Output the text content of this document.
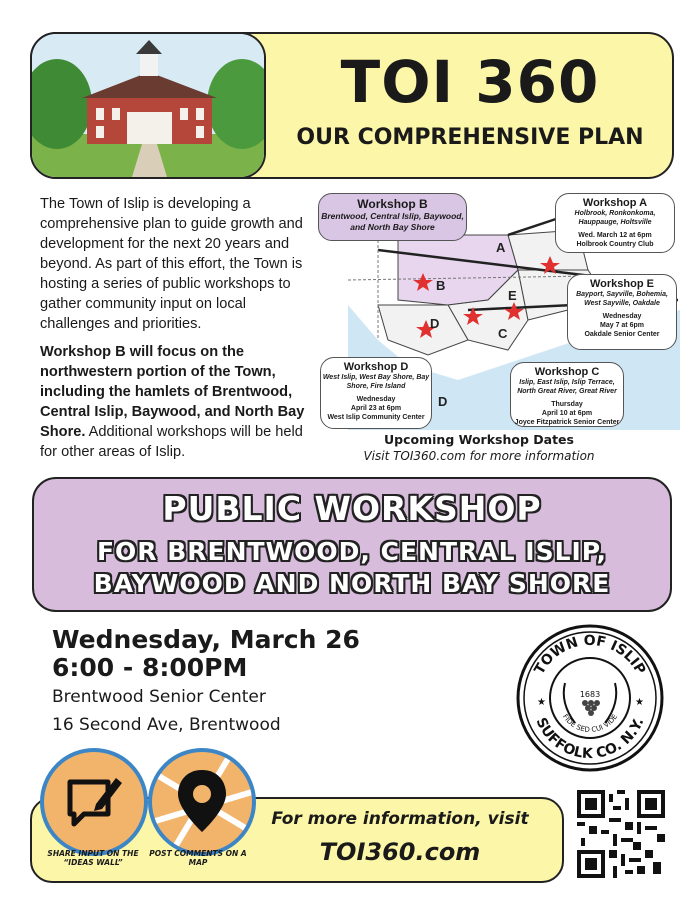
TOI 360
OUR COMPREHENSIVE PLAN
The Town of Islip is developing a comprehensive plan to guide growth and development for the next 20 years and beyond. As part of this effort, the Town is hosting a series of public workshops to gather community input on local challenges and priorities.
Workshop B will focus on the northwestern portion of the Town, including the hamlets of Brentwood, Central Islip, Baywood, and North Bay Shore. Additional workshops will be held for other areas of Islip.
A
B
C
D
E
D
Workshop B
Brentwood, Central Islip, Baywood, and North Bay Shore
Workshop A
Holbrook, Ronkonkoma, Hauppauge, Holtsville
Wed. March 12 at 6pm
Holbrook Country Club
Workshop E
Bayport, Sayville, Bohemia, West Sayville, Oakdale
Wednesday
May 7 at 6pm
Oakdale Senior Center
Workshop D
West Islip, West Bay Shore, Bay Shore, Fire Island
Wednesday
April 23 at 6pm
West Islip Community Center
Workshop C
Islip, East Islip, Islip Terrace, North Great River, Great River
Thursday
April 10 at 6pm
Joyce Fitzpatrick Senior Center
Upcoming Workshop Dates
Visit TOI360.com for more information
PUBLIC WORKSHOP
FOR BRENTWOOD, CENTRAL ISLIP,
BAYWOOD AND NORTH BAY SHORE
Wednesday, March 26
6:00 - 8:00PM
Brentwood Senior Center
16 Second Ave, Brentwood
TOWN OF ISLIP
SUFFOLK CO. N.Y.
FIDE SED CUI VIDE
1683
★	★
SHARE INPUT ON THE “IDEAS WALL”
POST COMMENTS ON A MAP
For more information, visit
TOI360.com
